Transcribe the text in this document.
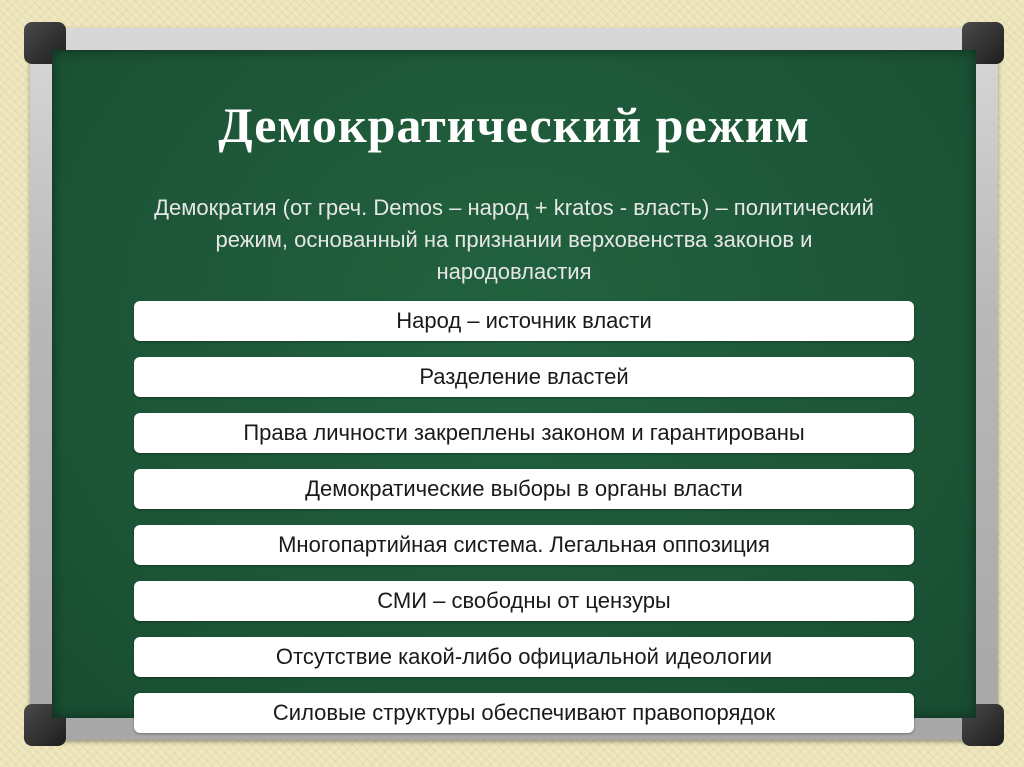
Демократический режим
Демократия (от греч. Demos – народ + kratos - власть) – политический режим, основанный на признании верховенства законов и народовластия
Народ – источник власти
Разделение властей
Права личности закреплены законом и гарантированы
Демократические выборы в органы власти
Многопартийная система. Легальная оппозиция
СМИ – свободны от цензуры
Отсутствие какой-либо официальной идеологии
Силовые структуры обеспечивают правопорядок
